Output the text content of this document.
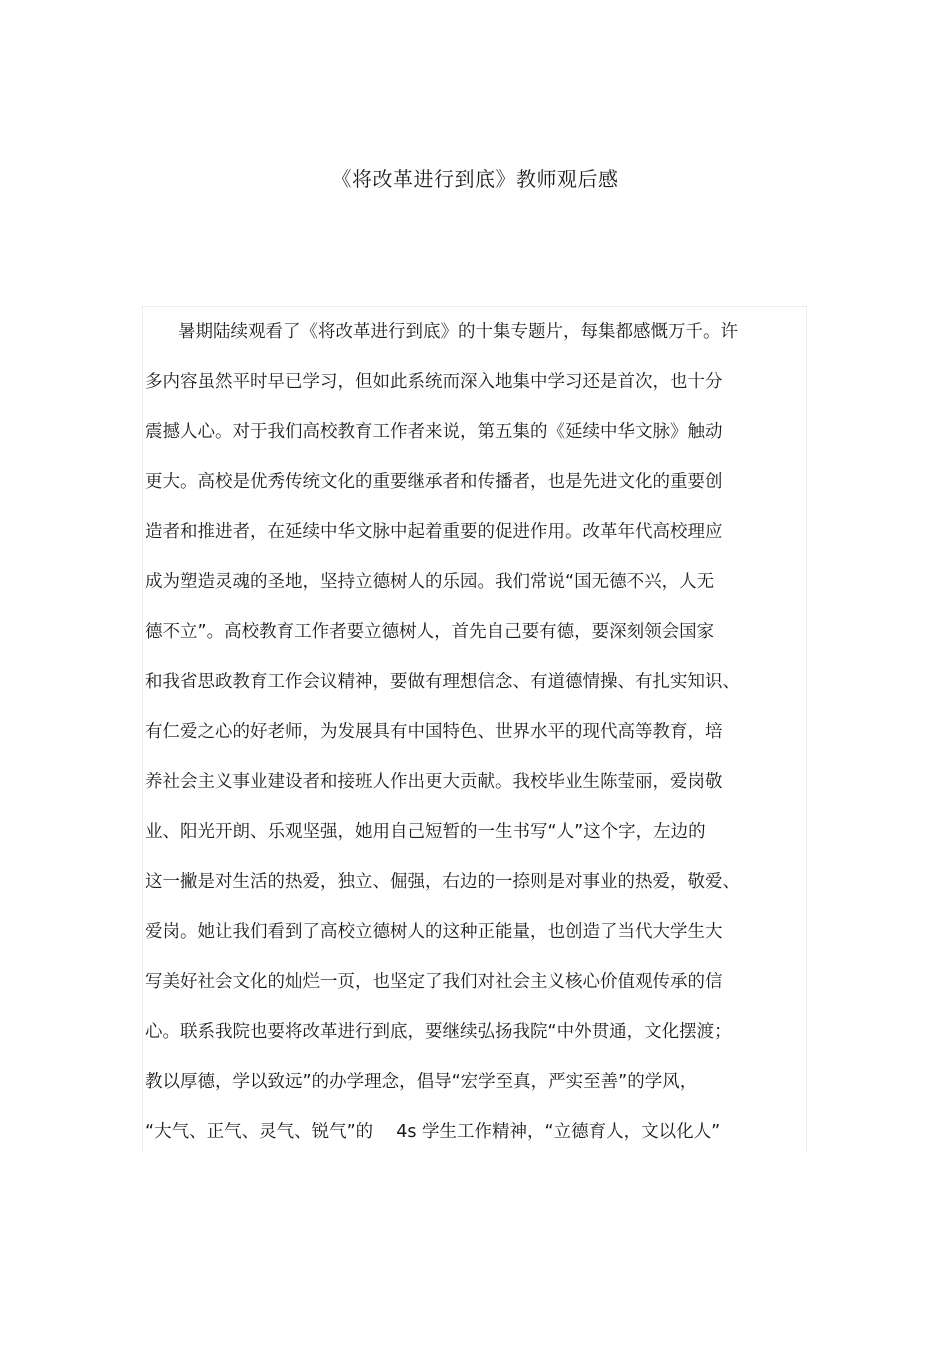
《将改革进行到底》教师观后感
暑期陆续观看了《将改革进行到底》的十集专题片，每集都感慨万千。许
多内容虽然平时早已学习，但如此系统而深入地集中学习还是首次，也十分
震撼人心。对于我们高校教育工作者来说，第五集的《延续中华文脉》触动
更大。高校是优秀传统文化的重要继承者和传播者，也是先进文化的重要创
造者和推进者，在延续中华文脉中起着重要的促进作用。改革年代高校理应
成为塑造灵魂的圣地，坚持立德树人的乐园。我们常说“国无德不兴，人无
德不立”。高校教育工作者要立德树人，首先自己要有德，要深刻领会国家
和我省思政教育工作会议精神，要做有理想信念、有道德情操、有扎实知识、
有仁爱之心的好老师，为发展具有中国特色、世界水平的现代高等教育，培
养社会主义事业建设者和接班人作出更大贡献。我校毕业生陈莹丽，爱岗敬
业、阳光开朗、乐观坚强，她用自己短暂的一生书写“人”这个字，左边的
这一撇是对生活的热爱，独立、倔强，右边的一捺则是对事业的热爱，敬爱、
爱岗。她让我们看到了高校立德树人的这种正能量，也创造了当代大学生大
写美好社会文化的灿烂一页，也坚定了我们对社会主义核心价值观传承的信
心。联系我院也要将改革进行到底，要继续弘扬我院“中外贯通，文化摆渡；
教以厚德，学以致远”的办学理念，倡导“宏学至真，严实至善”的学风，
“大气、正气、灵气、锐气”的　 4s 学生工作精神，“立德育人，文以化人”
